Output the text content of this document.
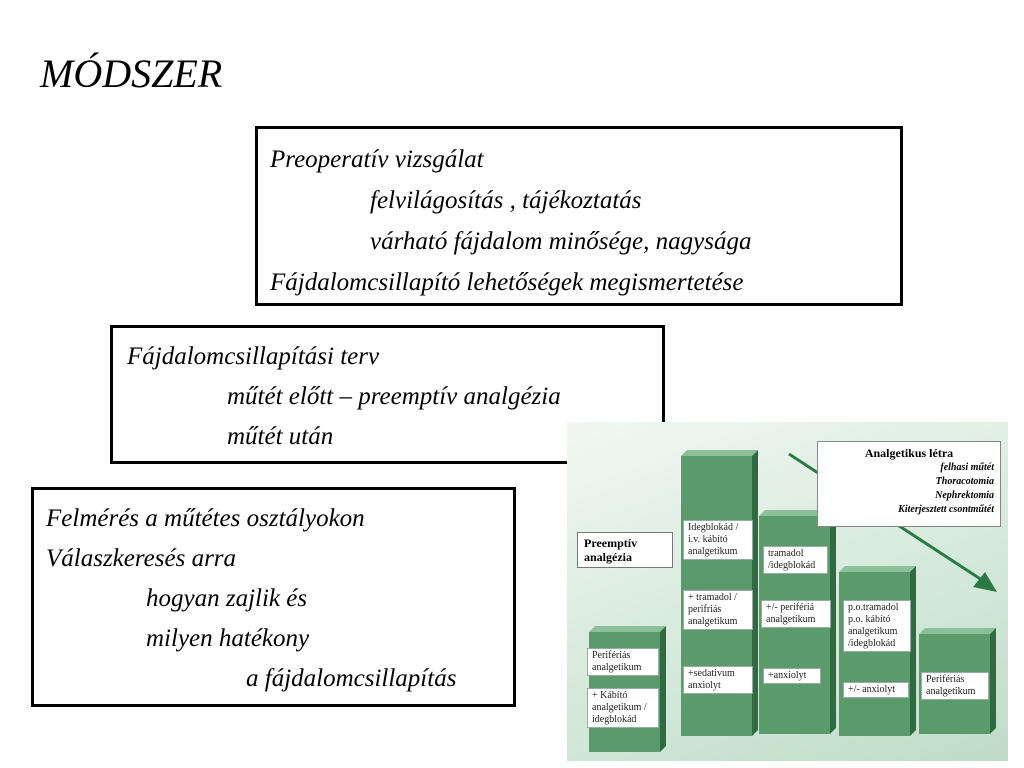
MÓDSZER
Preoperatív vizsgálat
felvilágosítás , tájékoztatás
várható fájdalom minősége, nagysága
Fájdalomcsillapító lehetőségek megismertetése
Fájdalomcsillapítási terv
műtét előtt – preemptív analgézia
műtét után
Felmérés a műtétes osztályokon
Válaszkeresés arra
hogyan zajlik és
milyen hatékony
a fájdalomcsillapítás
Analgetikus létra
felhasi műtét
Thoracotomia
Nephrektomia
Kiterjesztett csontműtét
Preemptív analgézia
Perifériás analgetikum
+ Kábító analgetikum / idegblokád
Idegblokád / i.v. kábító analgetikum
+ tramadol / perifriás analgetikum
+sedativum anxiolyt
tramadol /idegblokád
+/- perifériá analgetikum
+anxiolyt
p.o.tramadol p.o. kábító analgetikum /idegblokád
+/- anxiolyt
Perifériás analgetikum
